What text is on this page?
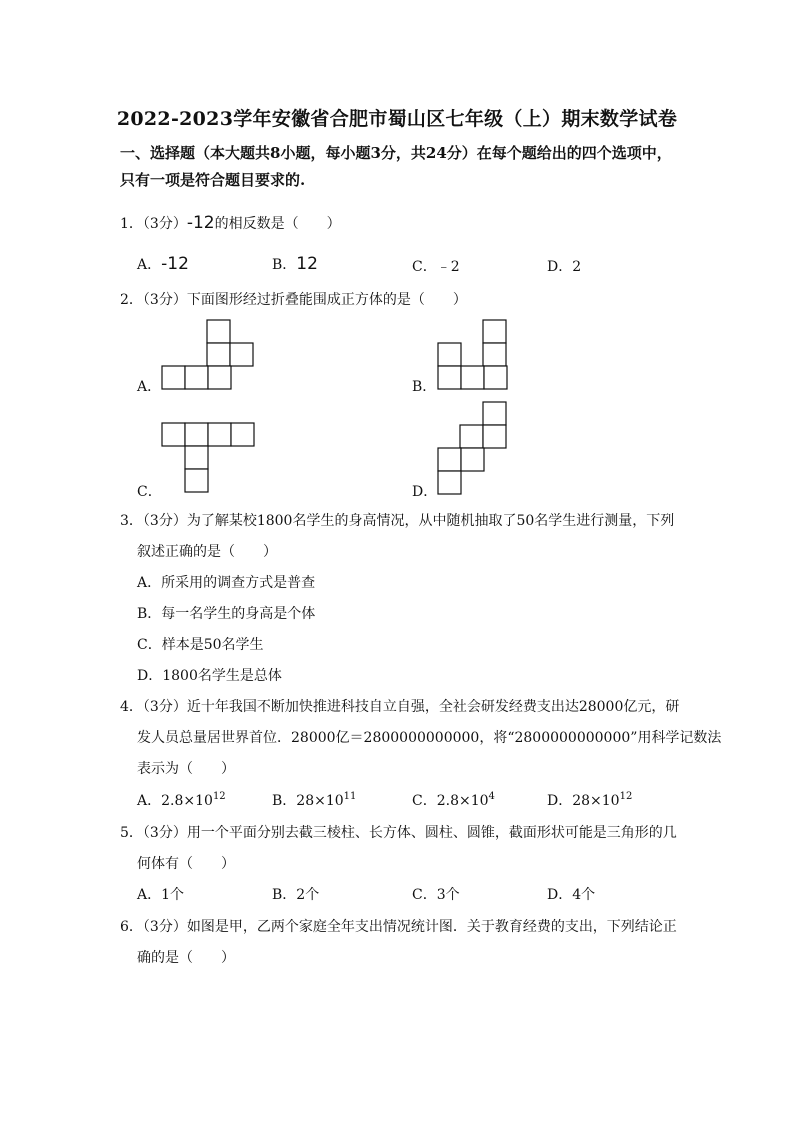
2022-2023学年安徽省合肥市蜀山区七年级（上）期末数学试卷
一、选择题（本大题共8小题，每小题3分，共24分）在每个题给出的四个选项中，只有一项是符合题目要求的.
1．（3分）-12的相反数是（　　）
A．-12	B．12	C．﹣2	D．2
2．（3分）下面图形经过折叠能围成正方体的是（　　）
A．	B．
C．	D．
3．（3分）为了解某校1800名学生的身高情况，从中随机抽取了50名学生进行测量，下列
叙述正确的是（　　）
A．所采用的调查方式是普查
B．每一名学生的身高是个体
C．样本是50名学生
D．1800名学生是总体
4．（3分）近十年我国不断加快推进科技自立自强，全社会研发经费支出达28000亿元，研
发人员总量居世界首位．28000亿＝2800000000000，将“2800000000000”用科学记数法
表示为（　　）
A．$2.8\times 10^{12}$	B．$28\times 10^{11}$	C．$2.8\times 10^4$	D．$28\times 10^{12}$
5．（3分）用一个平面分别去截三棱柱、长方体、圆柱、圆锥，截面形状可能是三角形的几
何体有（　　）
A．1个	B．2个	C．3个	D．4个
6．（3分）如图是甲，乙两个家庭全年支出情况统计图．关于教育经费的支出，下列结论正
确的是（　　）
